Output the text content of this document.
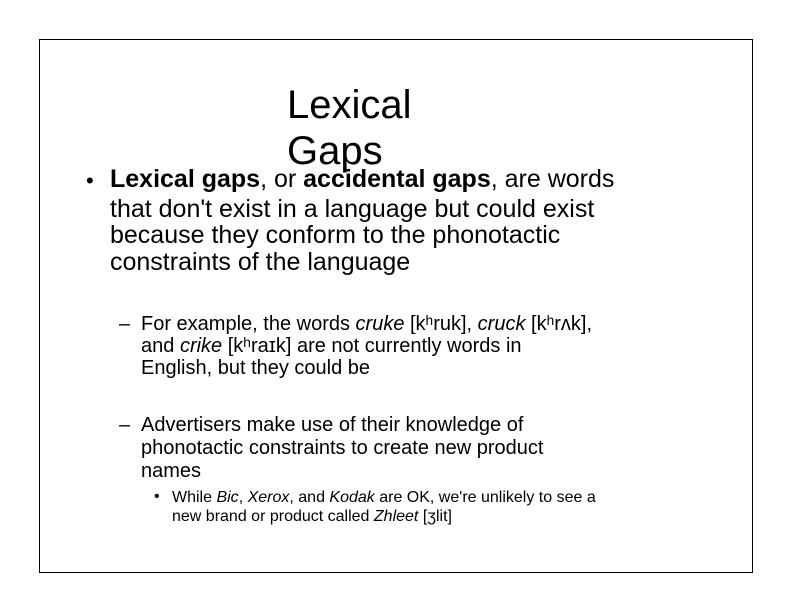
Lexical Gaps
• Lexical gaps, or accidental gaps, are words
that don't exist in a language but could exist
because they conform to the phonotactic
constraints of the language
– For example, the words cruke [kʰruk], cruck [kʰrʌk],
and crike [kʰraɪk] are not currently words in
English, but they could be
– Advertisers make use of their knowledge of
phonotactic constraints to create new product
names
• While Bic, Xerox, and Kodak are OK, we're unlikely to see a
new brand or product called Zhleet [ʒlit]
